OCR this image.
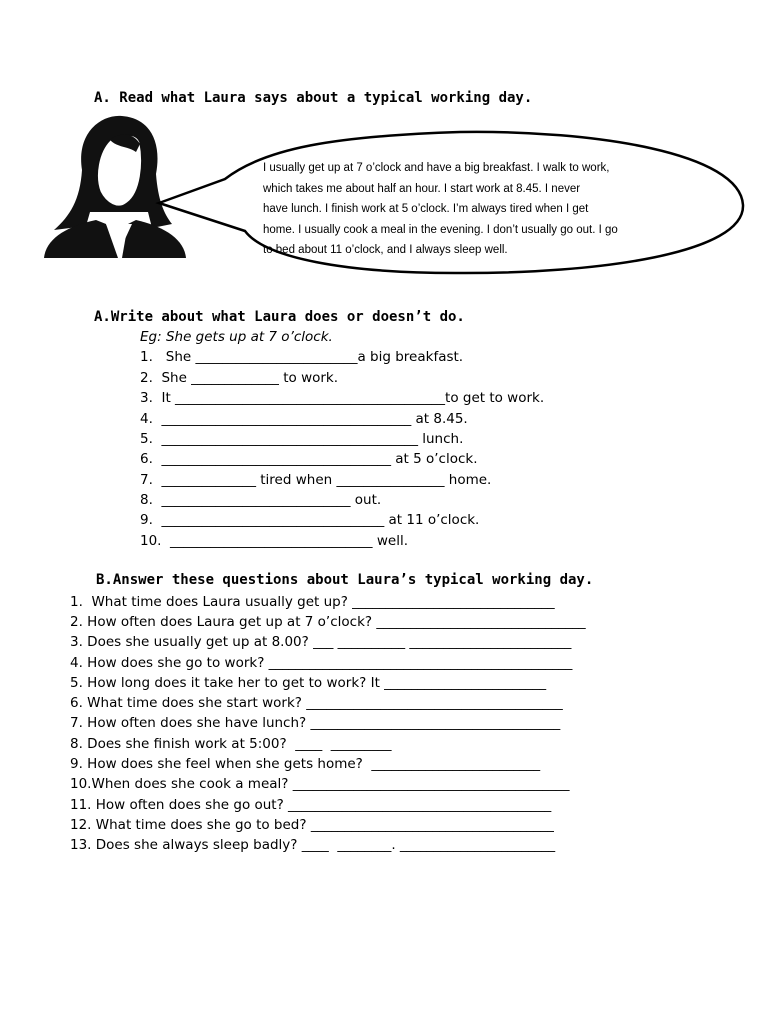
A. Read what Laura says about a typical working day.
I usually get up at 7 o’clock and have a big breakfast. I walk to work,
which takes me about half an hour. I start work at 8.45. I never
have lunch. I finish work at 5 o’clock. I’m always tired when I get
home. I usually cook a meal in the evening. I don’t usually go out. I go
to bed about 11 o’clock, and I always sleep well.
A.Write about what Laura does or doesn’t do.
Eg: She gets up at 7 o’clock.
1.   She ________________________a big breakfast.
2.  She _____________ to work.
3.  It ________________________________________to get to work.
4.  _____________________________________ at 8.45.
5.  ______________________________________ lunch.
6.  __________________________________ at 5 o’clock.
7.  ______________ tired when ________________ home.
8.  ____________________________ out.
9.  _________________________________ at 11 o’clock.
10.  ______________________________ well.
B.Answer these questions about Laura’s typical working day.
1.  What time does Laura usually get up? ______________________________
2. How often does Laura get up at 7 o’clock? _______________________________
3. Does she usually get up at 8.00? ___ __________ ________________________
4. How does she go to work? _____________________________________________
5. How long does it take her to get to work? It ________________________
6. What time does she start work? ______________________________________
7. How often does she have lunch? _____________________________________
8. Does she finish work at 5:00?  ____  _________
9. How does she feel when she gets home?  _________________________
10.When does she cook a meal? _________________________________________
11. How often does she go out? _______________________________________
12. What time does she go to bed? ____________________________________
13. Does she always sleep badly? ____  ________. _______________________
